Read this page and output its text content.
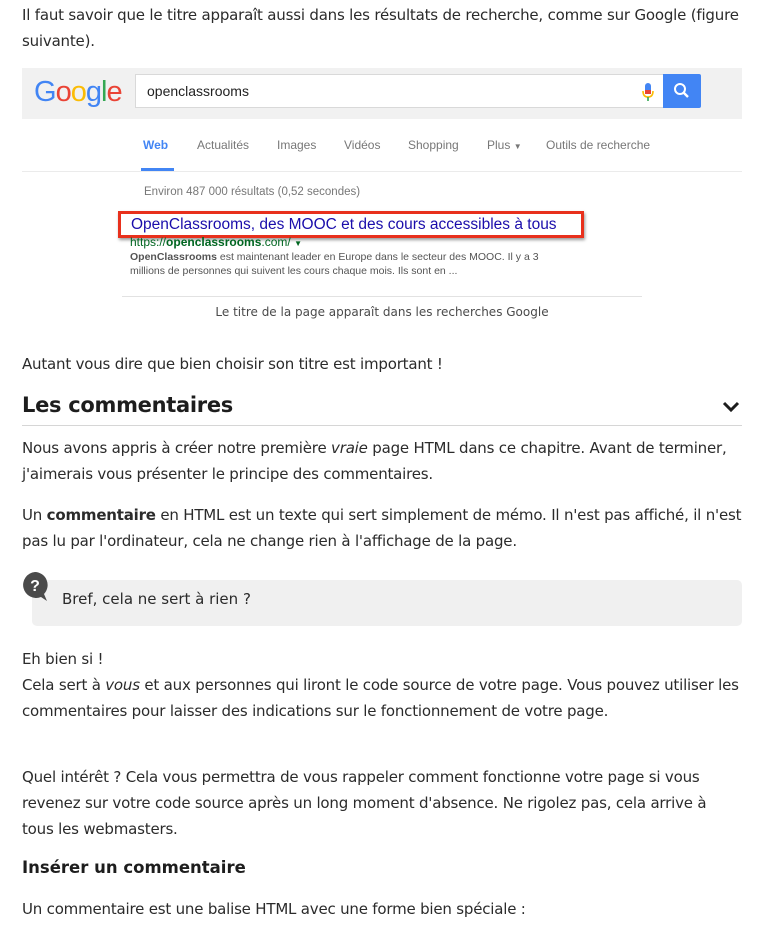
Il faut savoir que le titre apparaît aussi dans les résultats de recherche, comme sur Google (figure suivante).

Google
openclassrooms
Web Actualités Images Vidéos Shopping Plus ▼ Outils de recherche
Environ 487 000 résultats (0,52 secondes)
OpenClassrooms, des MOOC et des cours accessibles à tous
https://openclassrooms.com/ ▼
OpenClassrooms est maintenant leader en Europe dans le secteur des MOOC. Il y a 3
millions de personnes qui suivent les cours chaque mois. Ils sont en ...
Le titre de la page apparaît dans les recherches Google

Autant vous dire que bien choisir son titre est important !

Les commentaires

Nous avons appris à créer notre première vraie page HTML dans ce chapitre. Avant de terminer, j'aimerais vous présenter le principe des commentaires.

Un commentaire en HTML est un texte qui sert simplement de mémo. Il n'est pas affiché, il n'est pas lu par l'ordinateur, cela ne change rien à l'affichage de la page.

?
Bref, cela ne sert à rien ?

Eh bien si !
Cela sert à vous et aux personnes qui liront le code source de votre page. Vous pouvez utiliser les commentaires pour laisser des indications sur le fonctionnement de votre page.

Quel intérêt ? Cela vous permettra de vous rappeler comment fonctionne votre page si vous revenez sur votre code source après un long moment d'absence. Ne rigolez pas, cela arrive à tous les webmasters.

Insérer un commentaire

Un commentaire est une balise HTML avec une forme bien spéciale :
